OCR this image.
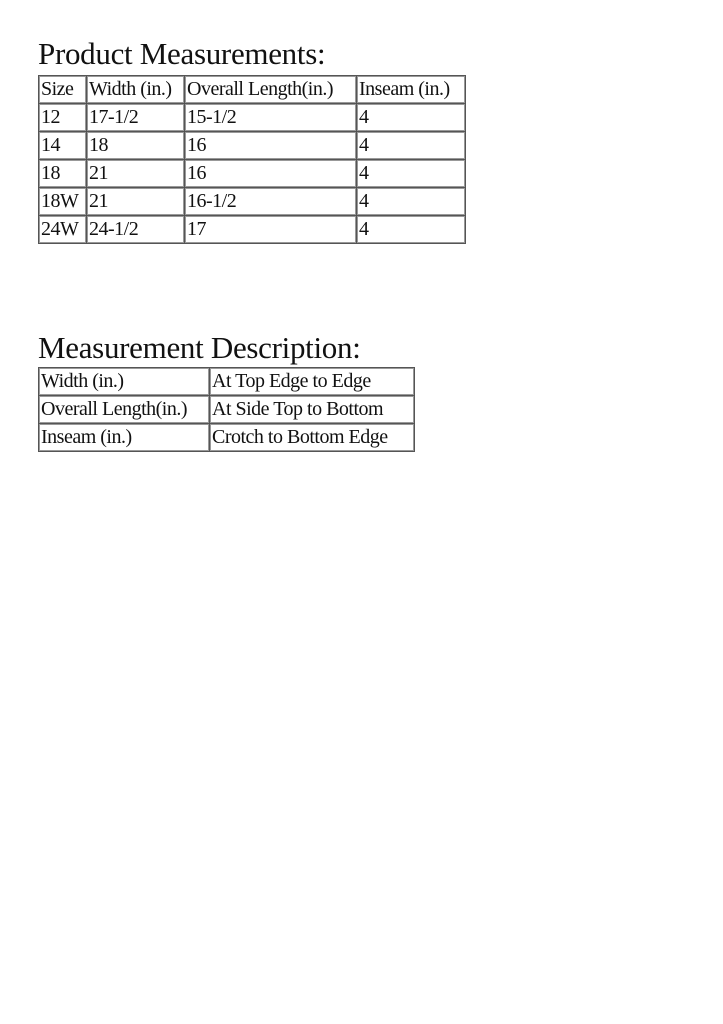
Product Measurements:
Size	Width (in.)	Overall Length(in.)	Inseam (in.)
12	17-1/2	15-1/2	4
14	18	16	4
18	21	16	4
18W	21	16-1/2	4
24W	24-1/2	17	4
Measurement Description:
Width (in.)	At Top Edge to Edge
Overall Length(in.)	At Side Top to Bottom
Inseam (in.)	Crotch to Bottom Edge
